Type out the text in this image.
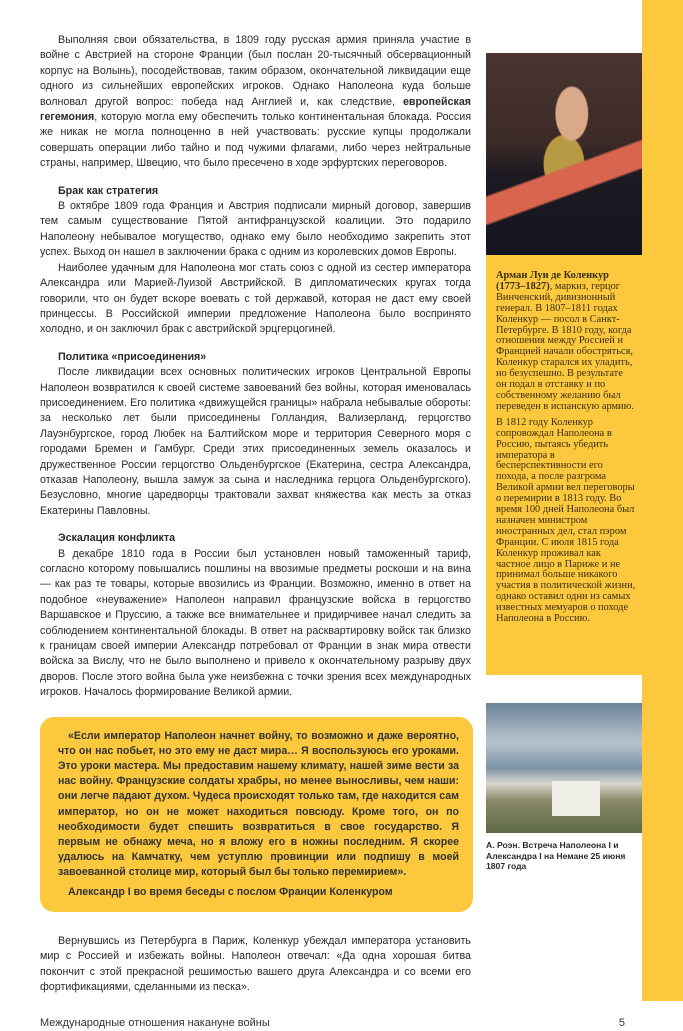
Выполняя свои обязательства, в 1809 году русская армия приняла участие в войне с Австрией на стороне Франции (был послан 20-тысячный обсервационный корпус на Волынь), посодействовав, таким образом, окончательной ликвидации еще одного из сильнейших европейских игроков. Однако Наполеона куда больше волновал другой вопрос: победа над Англией и, как следствие, европейская гегемония, которую могла ему обеспечить только континентальная блокада. Россия же никак не могла полноценно в ней участвовать: русские купцы продолжали совершать операции либо тайно и под чужими флагами, либо через нейтральные страны, например, Швецию, что было пресечено в ходе эрфуртских переговоров.

Брак как стратегия

В октябре 1809 года Франция и Австрия подписали мирный договор, завершив тем самым существование Пятой антифранцузской коалиции. Это подарило Наполеону небывалое могущество, однако ему было необходимо закрепить этот успех. Выход он нашел в заключении брака с одним из королевских домов Европы.

Наиболее удачным для Наполеона мог стать союз с одной из сестер императора Александра или Марией-Луизой Австрийской. В дипломатических кругах тогда говорили, что он будет вскоре воевать с той державой, которая не даст ему своей принцессы. В Российской империи предложение Наполеона было воспринято холодно, и он заключил брак с австрийской эрцгерцогиней.

Политика «присоединения»

После ликвидации всех основных политических игроков Центральной Европы Наполеон возвратился к своей системе завоеваний без войны, которая именовалась присоединением. Его политика «движущейся границы» набрала небывалые обороты: за несколько лет были присоединены Голландия, Вализерланд, герцогство Лауэнбургское, город Любек на Балтийском море и территория Северного моря с городами Бремен и Гамбург. Среди этих присоединенных земель оказалось и дружественное России герцогство Ольденбургское (Екатерина, сестра Александра, отказав Наполеону, вышла замуж за сына и наследника герцога Ольденбургского). Безусловно, многие царедворцы трактовали захват княжества как месть за отказ Екатерины Павловны.

Эскалация конфликта

В декабре 1810 года в России был установлен новый таможенный тариф, согласно которому повышались пошлины на ввозимые предметы роскоши и на вина — как раз те товары, которые ввозились из Франции. Возможно, именно в ответ на подобное «неуважение» Наполеон направил французские войска в герцогство Варшавское и Пруссию, а также все внимательнее и придирчивее начал следить за соблюдением континентальной блокады. В ответ на расквартировку войск так близко к границам своей империи Александр потребовал от Франции в знак мира отвести войска за Вислу, что не было выполнено и привело к окончательному разрыву двух дворов. После этого война была уже неизбежна с точки зрения всех международных игроков. Началось формирование Великой армии.

«Если император Наполеон начнет войну, то возможно и даже вероятно, что он нас побьет, но это ему не даст мира… Я воспользуюсь его уроками. Это уроки мастера. Мы предоставим нашему климату, нашей зиме вести за нас войну. Французские солдаты храбры, но менее выносливы, чем наши: они легче падают духом. Чудеса происходят только там, где находится сам император, но он не может находиться повсюду. Кроме того, он по необходимости будет спешить возвратиться в свое государство. Я первым не обнажу меча, но я вложу его в ножны последним. Я скорее удалюсь на Камчатку, чем уступлю провинции или подпишу в моей завоеванной столице мир, который был бы только перемирием».

Александр I во время беседы с послом Франции Коленкуром

Вернувшись из Петербурга в Париж, Коленкур убеждал императора установить мир с Россией и избежать войны. Наполеон отвечал: «Да одна хорошая битва покончит с этой прекрасной решимостью вашего друга Александра и со всеми его фортификациями, сделанными из песка».

Международные отношения накануне войны	5

Арман Луи де Коленкур (1773–1827), маркиз, герцог Винченский, дивизионный генерал. В 1807–1811 годах Коленкур — посол в Санкт-Петербурге. В 1810 году, когда отношения между Россией и Францией начали обостряться, Коленкур старался их уладить, но безуспешно. В результате он подал в отставку и по собственному желанию был переведен в испанскую армию.

В 1812 году Коленкур сопровождал Наполеона в Россию, пытаясь убедить императора в бесперспективности его похода, а после разгрома Великой армии вел переговоры о перемирии в 1813 году. Во время 100 дней Наполеона был назначен министром иностранных дел, стал пэром Франции. С июля 1815 года Коленкур проживал как частное лицо в Париже и не принимал больше никакого участия в политической жизни, однако оставил одни из самых известных мемуаров о походе Наполеона в Россию.

А. Роэн. Встреча Наполеона I и Александра I на Немане 25 июня 1807 года
